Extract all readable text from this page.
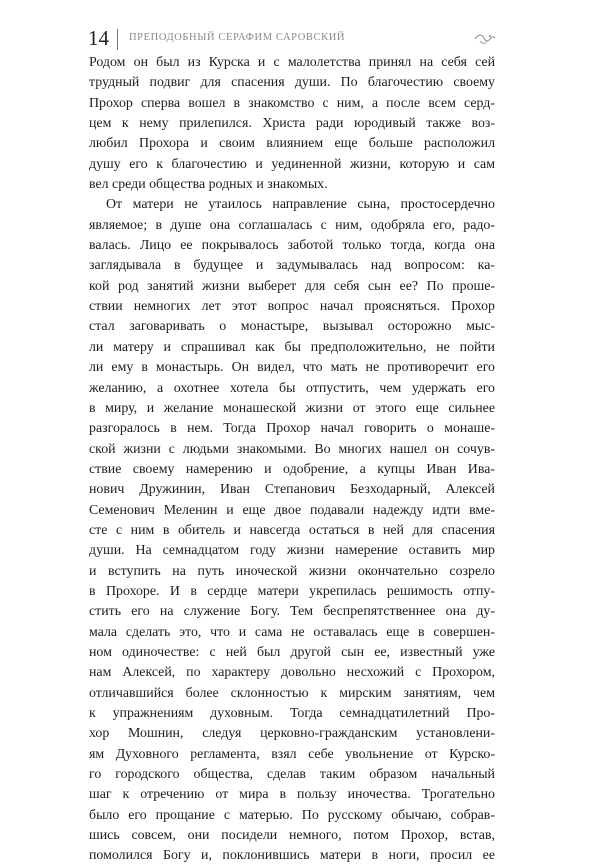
14 ПРЕПОДОБНЫЙ СЕРАФИМ САРОВСКИЙ
Родом он был из Курска и с малолетства принял на себя сей
трудный подвиг для спасения души. По благочестию своему
Прохор сперва вошел в знакомство с ним, а после всем серд-
цем к нему прилепился. Христа ради юродивый также воз-
любил Прохора и своим влиянием еще больше расположил
душу его к благочестию и уединенной жизни, которую и сам
вел среди общества родных и знакомых.
От матери не утаилось направление сына, простосердечно
являемое; в душе она соглашалась с ним, одобряла его, радо-
валась. Лицо ее покрывалось заботой только тогда, когда она
заглядывала в будущее и задумывалась над вопросом: ка-
кой род занятий жизни выберет для себя сын ее? По проше-
ствии немногих лет этот вопрос начал проясняться. Прохор
стал заговаривать о монастыре, вызывал осторожно мыс-
ли матеру и спрашивал как бы предположительно, не пойти
ли ему в монастырь. Он видел, что мать не противоречит его
желанию, а охотнее хотела бы отпустить, чем удержать его
в миру, и желание монашеской жизни от этого еще сильнее
разгоралось в нем. Тогда Прохор начал говорить о монаше-
ской жизни с людьми знакомыми. Во многих нашел он сочув-
ствие своему намерению и одобрение, а купцы Иван Ива-
нович Дружинин, Иван Степанович Безходарный, Алексей
Семенович Меленин и еще двое подавали надежду идти вме-
сте с ним в обитель и навсегда остаться в ней для спасения
души. На семнадцатом году жизни намерение оставить мир
и вступить на путь иноческой жизни окончательно созрело
в Прохоре. И в сердце матери укрепилась решимость отпу-
стить его на служение Богу. Тем беспрепятственнее она ду-
мала сделать это, что и сама не оставалась еще в совершен-
ном одиночестве: с ней был другой сын ее, известный уже
нам Алексей, по характеру довольно несхожий с Прохором,
отличавшийся более склонностью к мирским занятиям, чем
к упражнениям духовным. Тогда семнадцатилетний Про-
хор Мошнин, следуя церковно-гражданским установлени-
ям Духовного регламента, взял себе увольнение от Курско-
го городского общества, сделав таким образом начальный
шаг к отречению от мира в пользу иночества. Трогательно
было его прощание с матерью. По русскому обычаю, собрав-
шись совсем, они посидели немного, потом Прохор, встав,
помолился Богу и, поклонившись матери в ноги, просил ее
